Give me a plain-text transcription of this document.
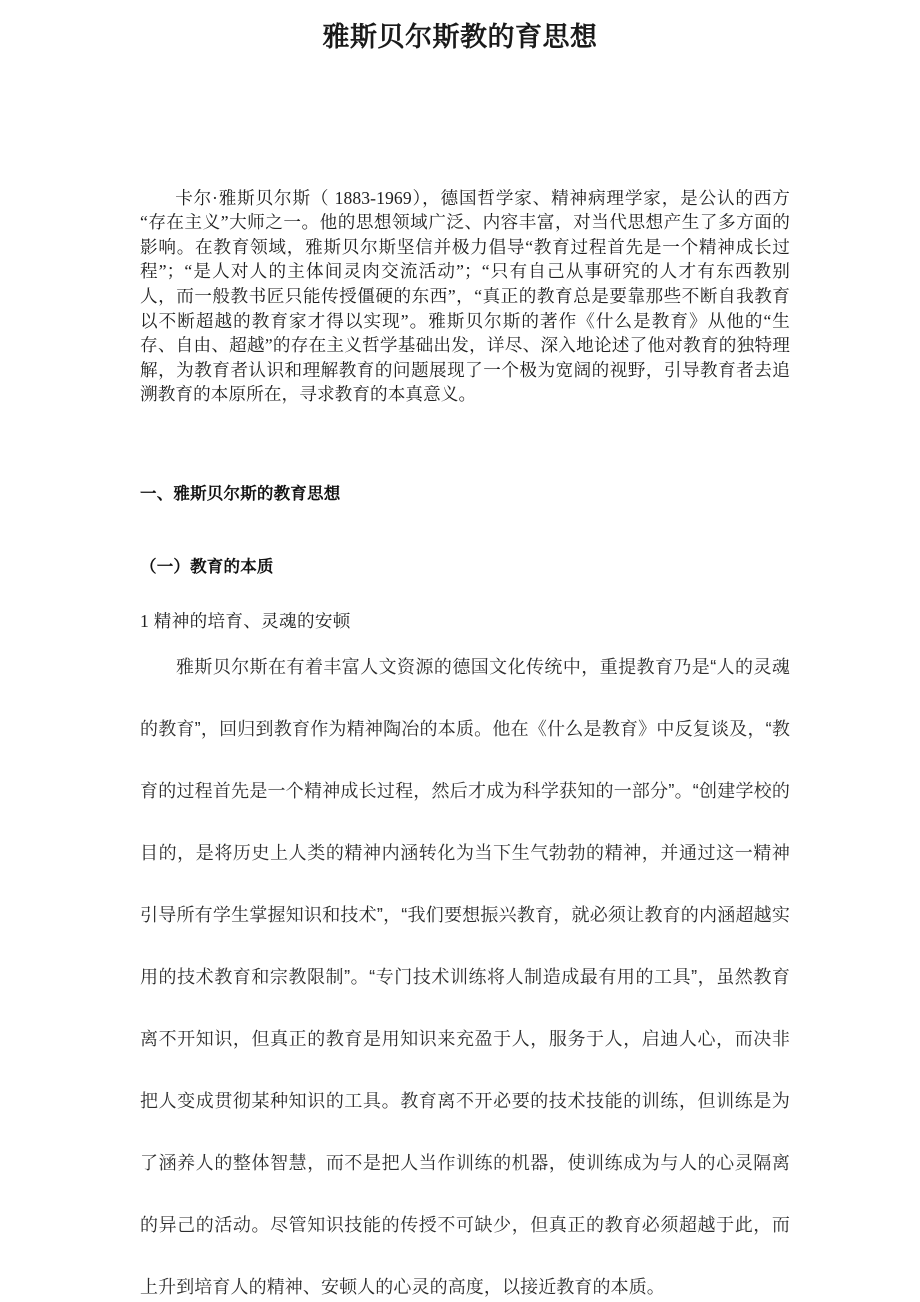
雅斯贝尔斯教的育思想

卡尔·雅斯贝尔斯（ 1883-1969），德国哲学家、精神病理学家，是公认的西方“存在主义”大师之一。他的思想领域广泛、内容丰富，对当代思想产生了多方面的影响。在教育领域，雅斯贝尔斯坚信并极力倡导“教育过程首先是一个精神成长过程”；“是人对人的主体间灵肉交流活动”；“只有自己从事研究的人才有东西教别人，而一般教书匠只能传授僵硬的东西”，“真正的教育总是要靠那些不断自我教育以不断超越的教育家才得以实现”。雅斯贝尔斯的著作《什么是教育》从他的“生存、自由、超越”的存在主义哲学基础出发，详尽、深入地论述了他对教育的独特理解，为教育者认识和理解教育的问题展现了一个极为宽阔的视野，引导教育者去追溯教育的本原所在，寻求教育的本真意义。

一、雅斯贝尔斯的教育思想
（一）教育的本质
1 精神的培育、灵魂的安顿

雅斯贝尔斯在有着丰富人文资源的德国文化传统中，重提教育乃是“人的灵魂的教育”，回归到教育作为精神陶冶的本质。他在《什么是教育》中反复谈及，“教育的过程首先是一个精神成长过程，然后才成为科学获知的一部分”。“创建学校的目的，是将历史上人类的精神内涵转化为当下生气勃勃的精神，并通过这一精神引导所有学生掌握知识和技术”，“我们要想振兴教育，就必须让教育的内涵超越实用的技术教育和宗教限制”。“专门技术训练将人制造成最有用的工具”，虽然教育离不开知识，但真正的教育是用知识来充盈于人，服务于人，启迪人心，而决非把人变成贯彻某种知识的工具。教育离不开必要的技术技能的训练，但训练是为了涵养人的整体智慧，而不是把人当作训练的机器，使训练成为与人的心灵隔离的异己的活动。尽管知识技能的传授不可缺少，但真正的教育必须超越于此，而上升到培育人的精神、安顿人的心灵的高度，以接近教育的本质。
